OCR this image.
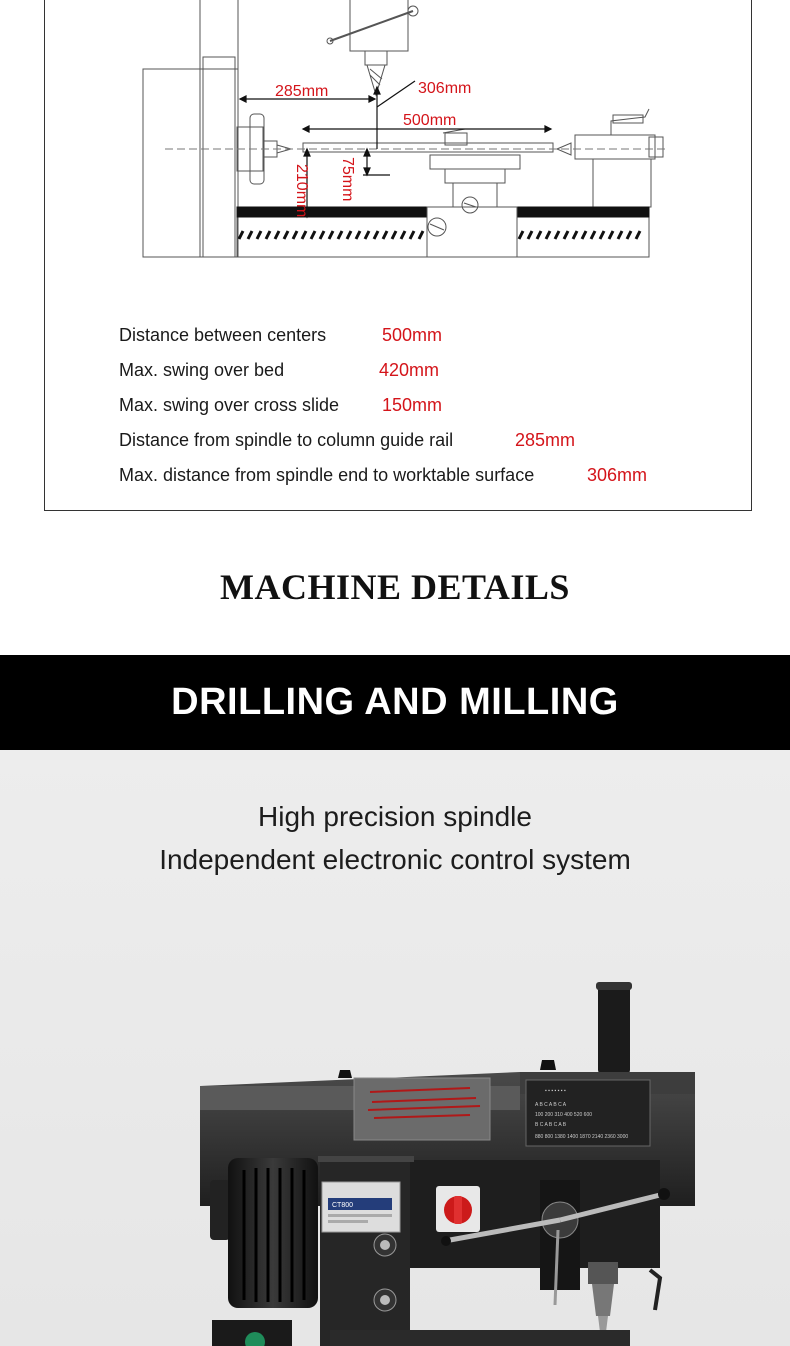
285mm	306mm
500mm
210mm 75mm
Distance between centers	500mm
Max. swing over bed	420mm
Max. swing over cross slide 150mm
Distance from spindle to column guide rail	285mm
Max. distance from spindle end to worktable surface	306mm
MACHINE DETAILS
DRILLING AND MILLING
High precision spindle
Independent electronic control system
▪ ▪ ▪ ▪ ▪ ▪ ▪
A B C A B C A
100 200 310 400 520 600
B C A B C A B
880 800 1380 1400 1870 2140 2360 3000
CT800
